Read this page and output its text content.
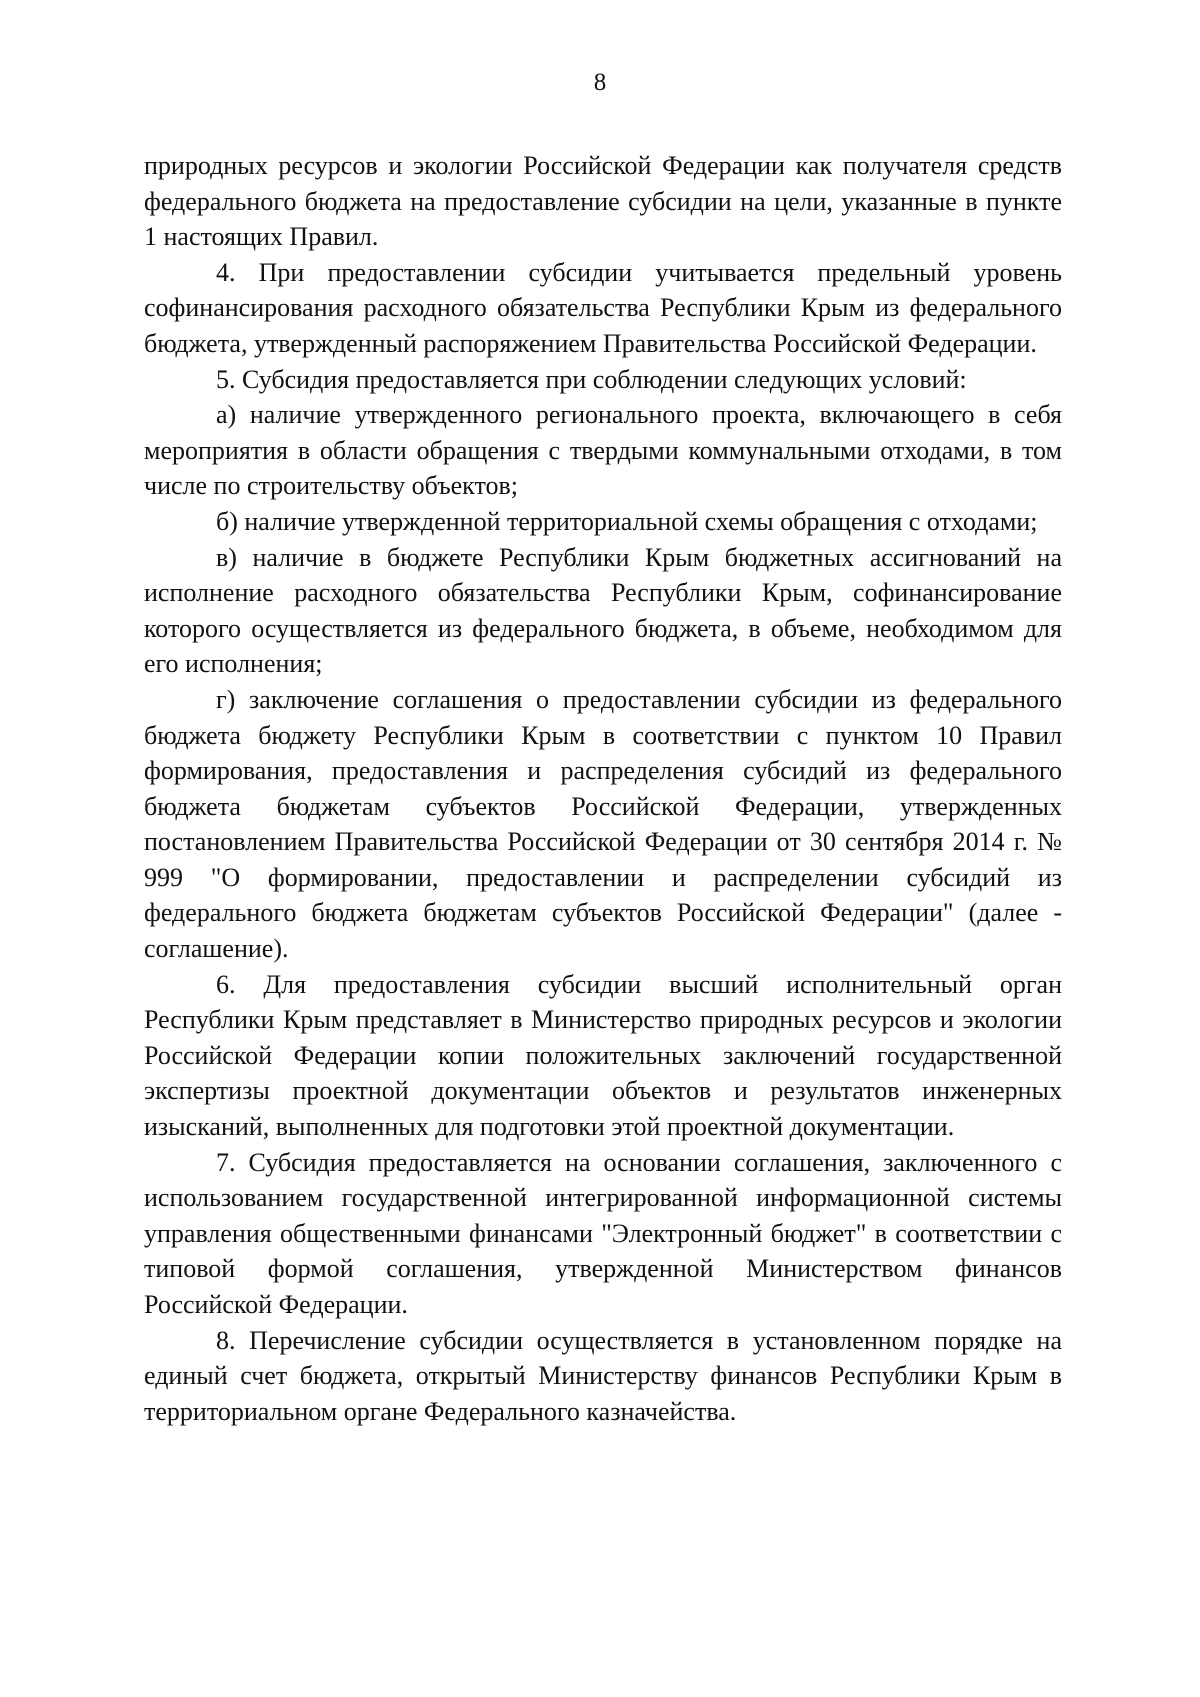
8

природных ресурсов и экологии Российской Федерации как получателя средств федерального бюджета на предоставление субсидии на цели, указанные в пункте 1 настоящих Правил.

4. При предоставлении субсидии учитывается предельный уровень софинансирования расходного обязательства Республики Крым из федерального бюджета, утвержденный распоряжением Правительства Российской Федерации.

5. Субсидия предоставляется при соблюдении следующих условий:

а) наличие утвержденного регионального проекта, включающего в себя мероприятия в области обращения с твердыми коммунальными отходами, в том числе по строительству объектов;

б) наличие утвержденной территориальной схемы обращения с отходами;

в) наличие в бюджете Республики Крым бюджетных ассигнований на исполнение расходного обязательства Республики Крым, софинансирование которого осуществляется из федерального бюджета, в объеме, необходимом для его исполнения;

г) заключение соглашения о предоставлении субсидии из федерального бюджета бюджету Республики Крым в соответствии с пунктом 10 Правил формирования, предоставления и распределения субсидий из федерального бюджета бюджетам субъектов Российской Федерации, утвержденных постановлением Правительства Российской Федерации от 30 сентября 2014 г. № 999 "О формировании, предоставлении и распределении субсидий из федерального бюджета бюджетам субъектов Российской Федерации" (далее - соглашение).

6. Для предоставления субсидии высший исполнительный орган Республики Крым представляет в Министерство природных ресурсов и экологии Российской Федерации копии положительных заключений государственной экспертизы проектной документации объектов и результатов инженерных изысканий, выполненных для подготовки этой проектной документации.

7. Субсидия предоставляется на основании соглашения, заключенного с использованием государственной интегрированной информационной системы управления общественными финансами "Электронный бюджет" в соответствии с типовой формой соглашения, утвержденной Министерством финансов Российской Федерации.

8. Перечисление субсидии осуществляется в установленном порядке на единый счет бюджета, открытый Министерству финансов Республики Крым в территориальном органе Федерального казначейства.
